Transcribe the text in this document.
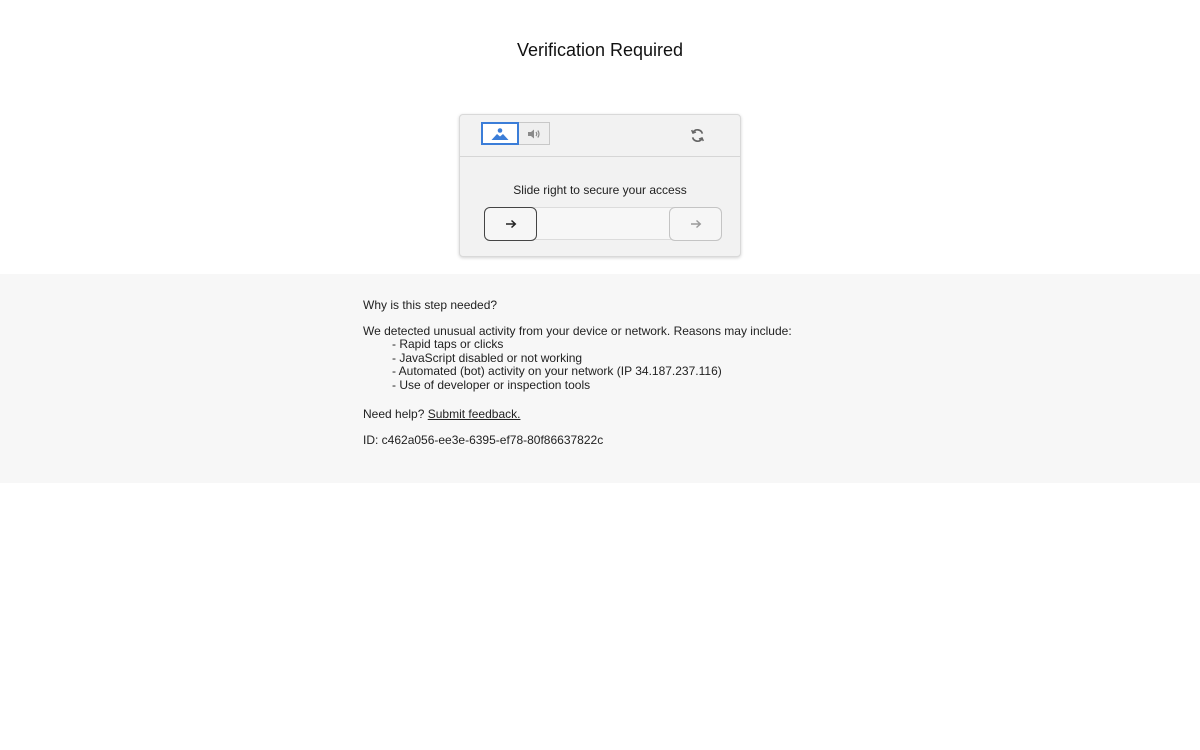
Verification Required
Slide right to secure your access

Why is this step needed?

We detected unusual activity from your device or network. Reasons may include:

- Rapid taps or clicks
- JavaScript disabled or not working
- Automated (bot) activity on your network (IP 34.187.237.116)
- Use of developer or inspection tools

Need help? Submit feedback.

ID: c462a056-ee3e-6395-ef78-80f86637822c
